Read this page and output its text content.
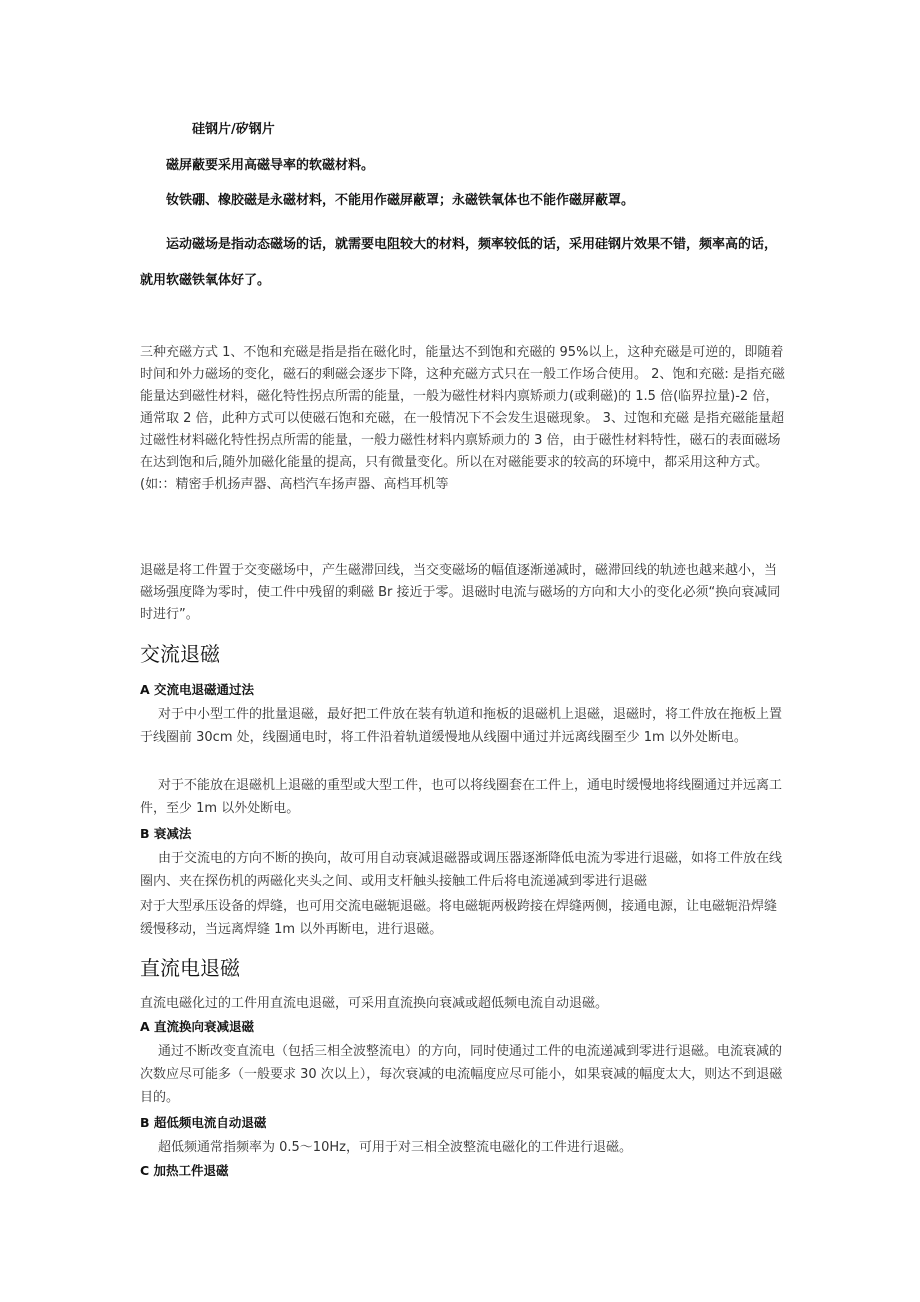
硅钢片/矽钢片

磁屏蔽要采用高磁导率的软磁材料。

钕铁硼、橡胶磁是永磁材料，不能用作磁屏蔽罩；永磁铁氧体也不能作磁屏蔽罩。

运动磁场是指动态磁场的话，就需要电阻较大的材料，频率较低的话，采用硅钢片效果不错，频率高的话，就用软磁铁氧体好了。

三种充磁方式 1、不饱和充磁是指是指在磁化时，能量达不到饱和充磁的 95%以上，这种充磁是可逆的，即随着时间和外力磁场的变化，磁石的剩磁会逐步下降，这种充磁方式只在一般工作场合使用。 2、饱和充磁: 是指充磁能量达到磁性材料，磁化特性拐点所需的能量，一般为磁性材料内禀矫顽力(或剩磁)的 1.5 倍(临界拉量)-2 倍，通常取 2 倍，此种方式可以使磁石饱和充磁，在一般情况下不会发生退磁现象。 3、过饱和充磁 是指充磁能量超过磁性材料磁化特性拐点所需的能量，一般力磁性材料内禀矫顽力的 3 倍，由于磁性材料特性，磁石的表面磁场在达到饱和后,随外加磁化能量的提高，只有微量变化。所以在对磁能要求的较高的环境中，都采用这种方式。(如:：精密手机扬声器、高档汽车扬声器、高档耳机等

退磁是将工件置于交变磁场中，产生磁滞回线，当交变磁场的幅值逐渐递减时，磁滞回线的轨迹也越来越小，当磁场强度降为零时，使工件中残留的剩磁 Br 接近于零。退磁时电流与磁场的方向和大小的变化必须“换向衰减同时进行”。

交流退磁

A 交流电退磁通过法

对于中小型工件的批量退磁，最好把工件放在装有轨道和拖板的退磁机上退磁，退磁时，将工件放在拖板上置于线圈前 30cm 处，线圈通电时，将工件沿着轨道缓慢地从线圈中通过并远离线圈至少 1m 以外处断电。

对于不能放在退磁机上退磁的重型或大型工件，也可以将线圈套在工件上，通电时缓慢地将线圈通过并远离工件，至少 1m 以外处断电。

B 衰减法

由于交流电的方向不断的换向，故可用自动衰减退磁器或调压器逐渐降低电流为零进行退磁，如将工件放在线圈内、夹在探伤机的两磁化夹头之间、或用支杆触头接触工件后将电流递减到零进行退磁

对于大型承压设备的焊缝，也可用交流电磁轭退磁。将电磁轭两极跨接在焊缝两侧，接通电源，让电磁轭沿焊缝缓慢移动，当远离焊缝 1m 以外再断电，进行退磁。

直流电退磁

直流电磁化过的工件用直流电退磁，可采用直流换向衰减或超低频电流自动退磁。

A 直流换向衰减退磁

通过不断改变直流电（包括三相全波整流电）的方向，同时使通过工件的电流递减到零进行退磁。电流衰减的次数应尽可能多（一般要求 30 次以上），每次衰减的电流幅度应尽可能小，如果衰减的幅度太大，则达不到退磁目的。

B 超低频电流自动退磁

超低频通常指频率为 0.5～10Hz，可用于对三相全波整流电磁化的工件进行退磁。

C 加热工件退磁
